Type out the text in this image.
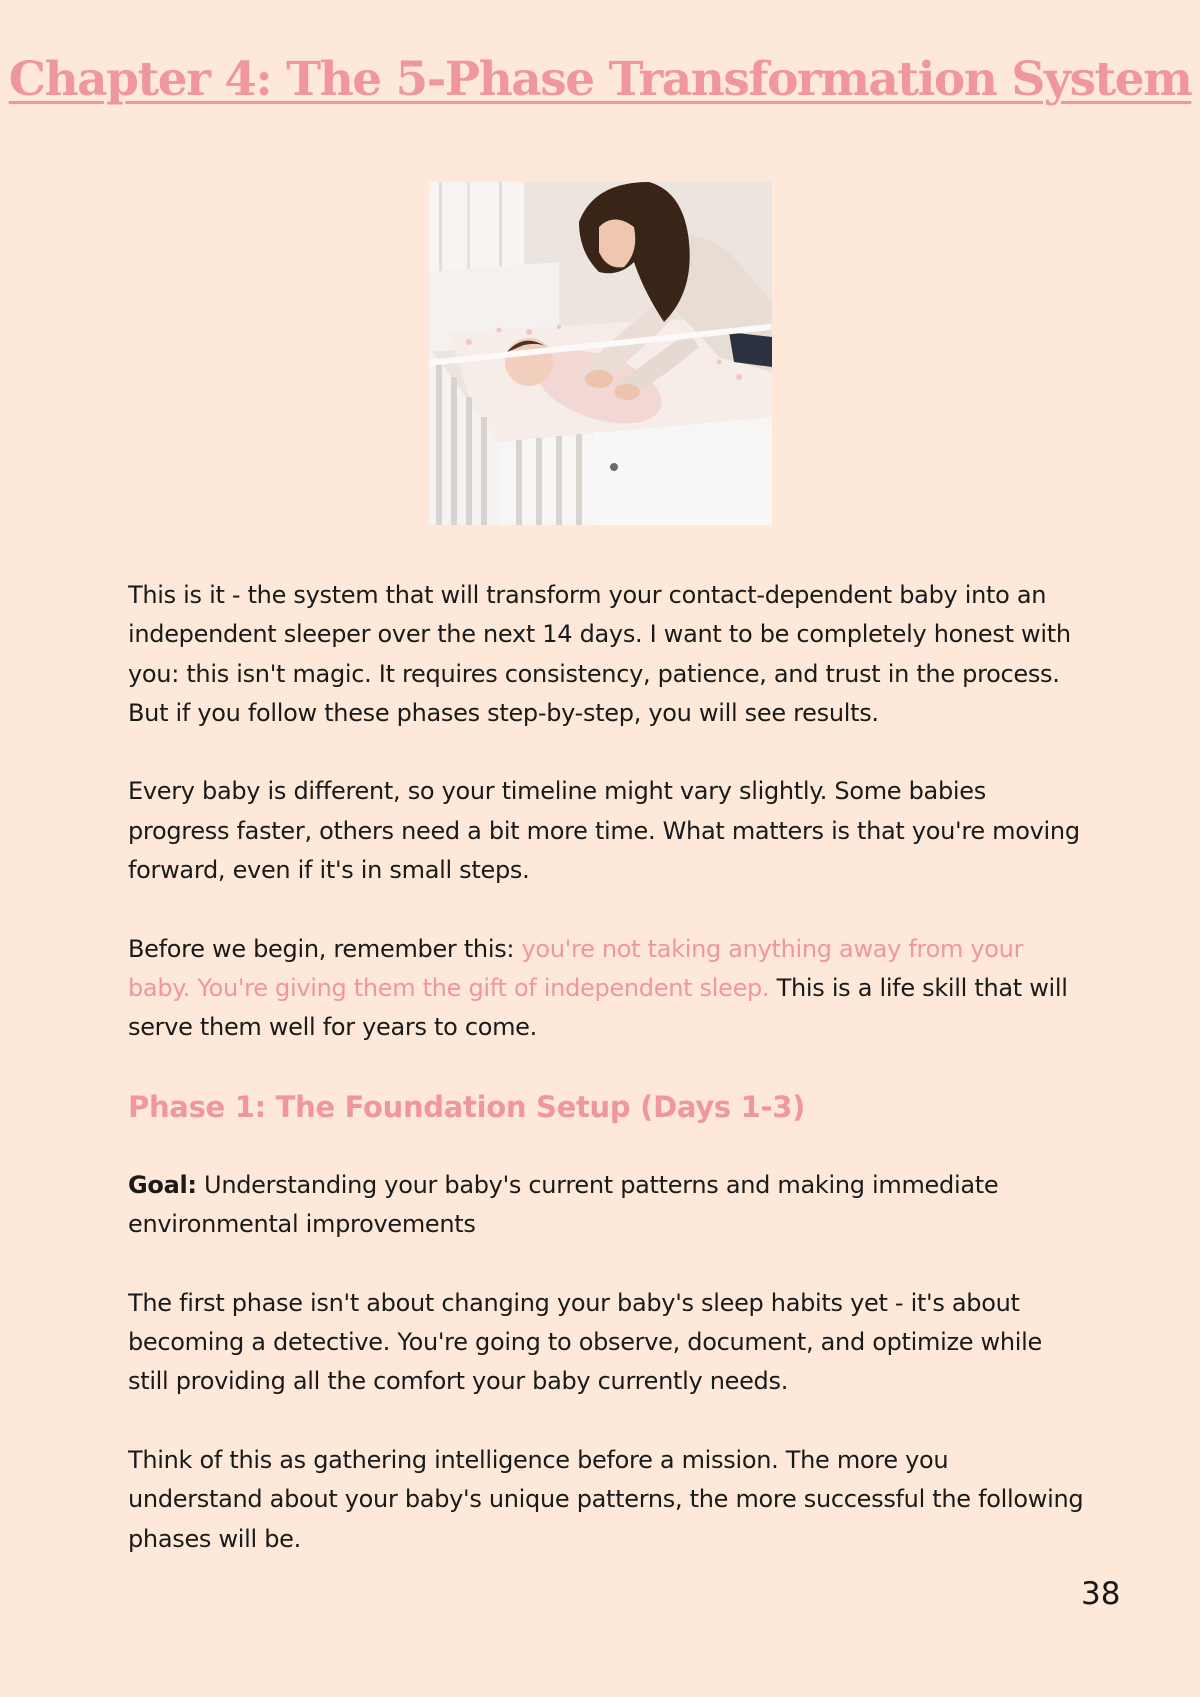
Chapter 4: The 5-Phase Transformation System

This is it - the system that will transform your contact-dependent baby into an independent sleeper over the next 14 days. I want to be completely honest with you: this isn't magic. It requires consistency, patience, and trust in the process. But if you follow these phases step-by-step, you will see results.

Every baby is different, so your timeline might vary slightly. Some babies progress faster, others need a bit more time. What matters is that you're moving forward, even if it's in small steps.

Before we begin, remember this: you're not taking anything away from your baby. You're giving them the gift of independent sleep. This is a life skill that will serve them well for years to come.

Phase 1: The Foundation Setup (Days 1-3)

Goal: Understanding your baby's current patterns and making immediate environmental improvements

The first phase isn't about changing your baby's sleep habits yet - it's about becoming a detective. You're going to observe, document, and optimize while still providing all the comfort your baby currently needs.

Think of this as gathering intelligence before a mission. The more you understand about your baby's unique patterns, the more successful the following phases will be.

38
